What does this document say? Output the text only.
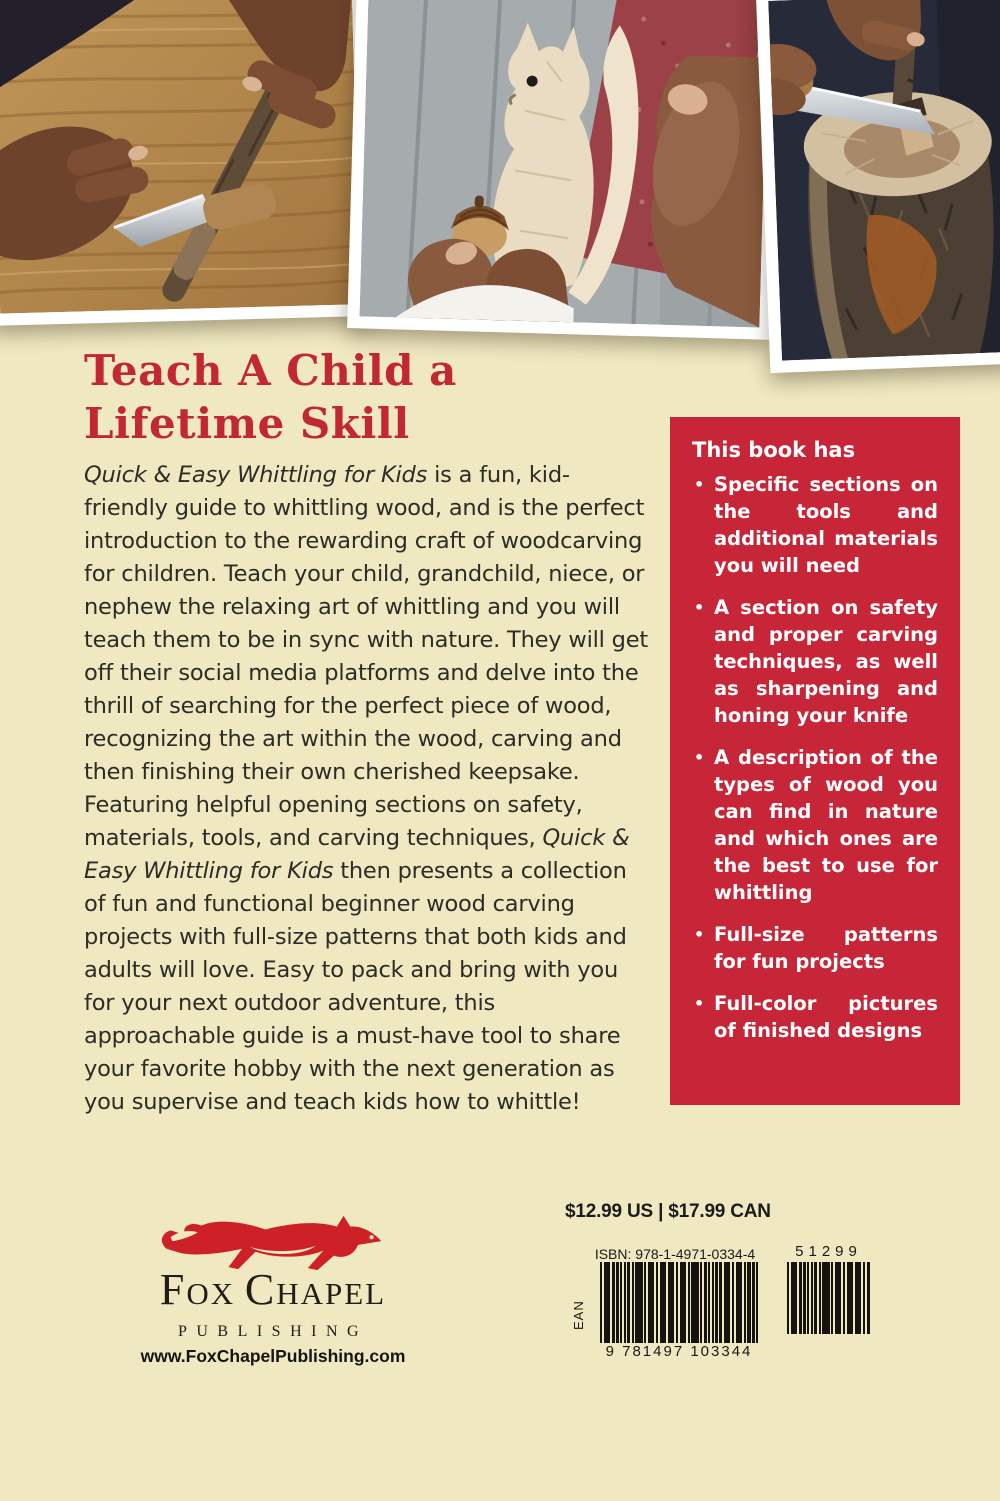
Teach A Child a
Lifetime Skill

Quick & Easy Whittling for Kids is a fun, kid-friendly guide to whittling wood, and is the perfect introduction to the rewarding craft of woodcarving for children. Teach your child, grandchild, niece, or nephew the relaxing art of whittling and you will teach them to be in sync with nature. They will get off their social media platforms and delve into the thrill of searching for the perfect piece of wood, recognizing the art within the wood, carving and then finishing their own cherished keepsake. Featuring helpful opening sections on safety, materials, tools, and carving techniques, Quick & Easy Whittling for Kids then presents a collection of fun and functional beginner wood carving projects with full-size patterns that both kids and adults will love. Easy to pack and bring with you for your next outdoor adventure, this approachable guide is a must-have tool to share your favorite hobby with the next generation as you supervise and teach kids how to whittle!

This book has

• Specific sections on the tools and additional materials you will need
• A section on safety and proper carving techniques, as well as sharpening and honing your knife
• A description of the types of wood you can find in nature and which ones are the best to use for whittling
• Full-size patterns for fun projects
• Full-color pictures of finished designs
FOX CHAPEL
PUBLISHING
www.FoxChapelPublishing.com
$12.99 US | $17.99 CAN
ISBN: 978-1-4971-0334-4
EAN
9 781497 103344
51299
